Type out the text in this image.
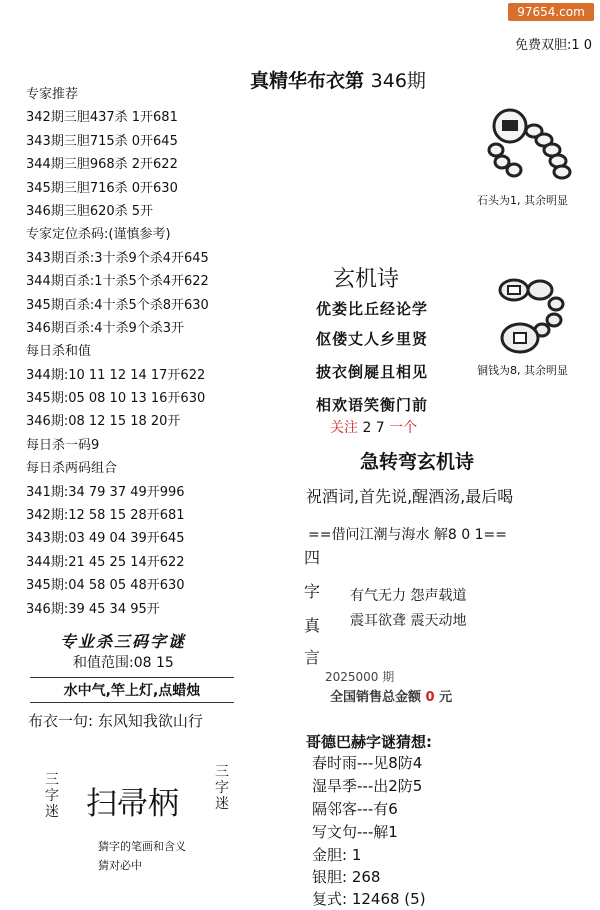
97654.com
免费双胆:1 0
真精华布衣第 346期
专家推荐
342期三胆437杀 1开681
343期三胆715杀 0开645
344期三胆968杀 2开622
345期三胆716杀 0开630
346期三胆620杀 5开
专家定位杀码:(谨慎参考)
343期百杀:3十杀9个杀4开645
344期百杀:1十杀5个杀4开622
345期百杀:4十杀5个杀8开630
346期百杀:4十杀9个杀3开
每日杀和值
344期:10 11 12 14 17开622
345期:05 08 10 13 16开630
346期:08 12 15 18 20开
每日杀一码9
每日杀两码组合
341期:34 79 37 49开996
342期:12 58 15 28开681
343期:03 49 04 39开645
344期:21 45 25 14开622
345期:04 58 05 48开630
346期:39 45 34 95开
专业杀三码字谜
和值范围:08 15
水中气,竿上灯,点蜡烛
布衣一句: 东风知我欲山行
三字迷 扫帚柄
三字迷
猜字的笔画和含义
猜对必中
石头为1, 其余明显
铜钱为8, 其余明显
玄机诗
优娄比丘经论学
伛偻丈人乡里贤
披衣倒屣且相见
相欢语笑衡门前
关注 2 7 一个
急转弯玄机诗
祝酒词,首先说,醒酒汤,最后喝
==借问江潮与海水 解8 0 1==
四
字
真
言
有气无力 怨声载道
震耳欲聋 震天动地
2025000 期
全国销售总金额 0 元
哥德巴赫字谜猜想:
春时雨---见8防4
湿旱季---出2防5
隔邻客---有6
写文句---解1
金胆: 1
银胆: 268
复式: 12468 (5)
